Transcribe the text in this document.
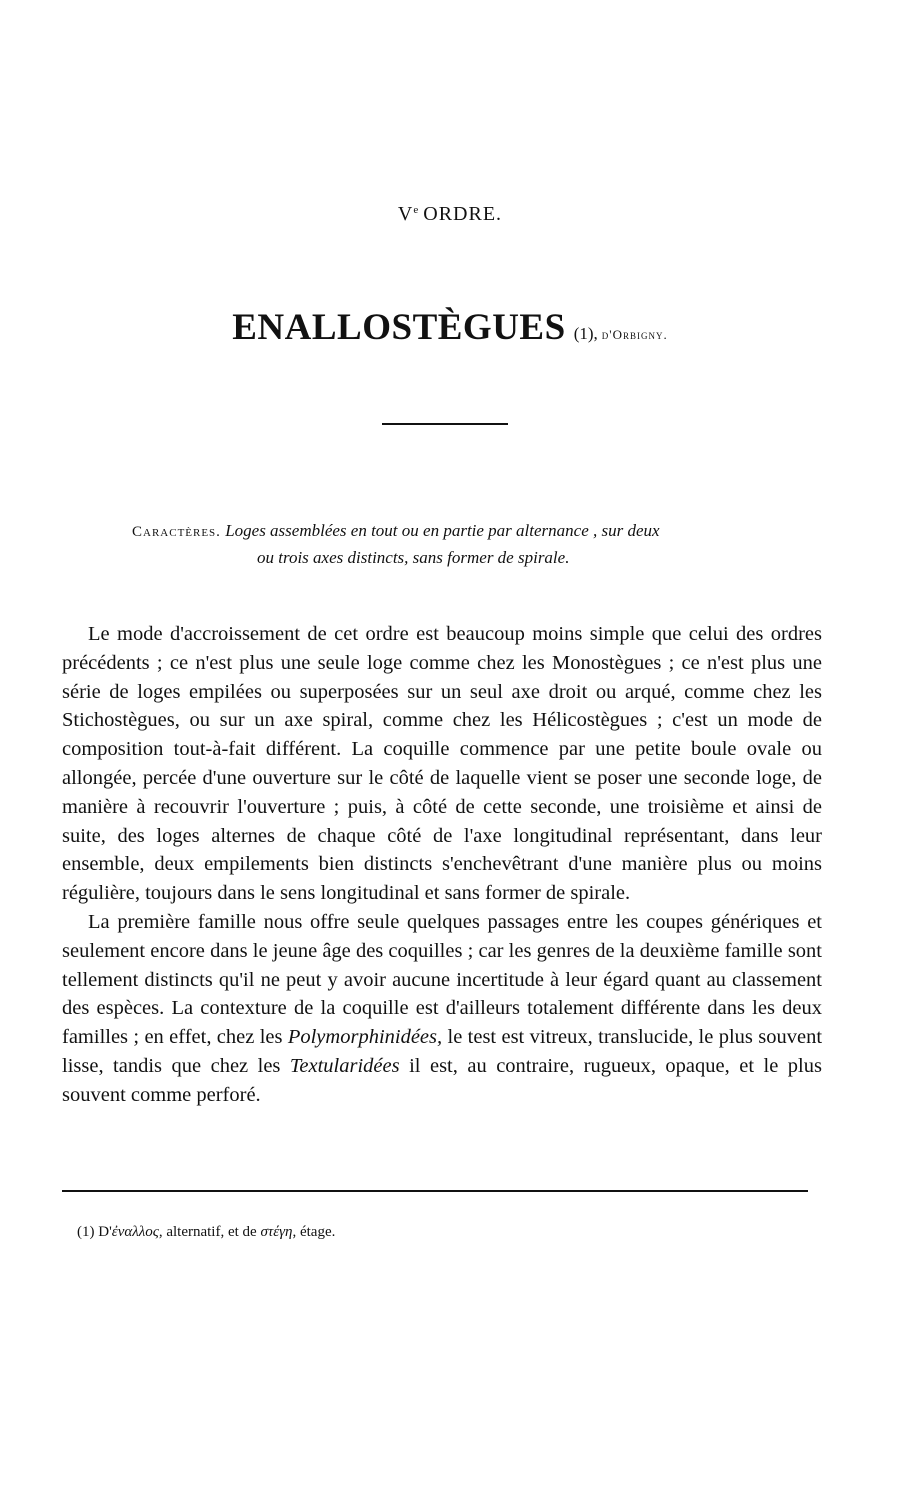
Ve ORDRE.
ENALLOSTÈGUES (1), d'Orbigny.
Caractères. Loges assemblées en tout ou en partie par alternance , sur deux
ou trois axes distincts, sans former de spirale.

Le mode d'accroissement de cet ordre est beaucoup moins simple que celui des ordres précédents ; ce n'est plus une seule loge comme chez les Monostègues ; ce n'est plus une série de loges empilées ou superposées sur un seul axe droit ou arqué, comme chez les Stichostègues, ou sur un axe spiral, comme chez les Hélicostègues ; c'est un mode de composition tout-à-fait différent. La coquille commence par une petite boule ovale ou allongée, percée d'une ouverture sur le côté de laquelle vient se poser une seconde loge, de manière à recouvrir l'ouverture ; puis, à côté de cette seconde, une troisième et ainsi de suite, des loges alternes de chaque côté de l'axe longitudinal représentant, dans leur ensemble, deux empilements bien distincts s'enchevêtrant d'une manière plus ou moins régulière, toujours dans le sens longitudinal et sans former de spirale.

La première famille nous offre seule quelques passages entre les coupes génériques et seulement encore dans le jeune âge des coquilles ; car les genres de la deuxième famille sont tellement distincts qu'il ne peut y avoir aucune incertitude à leur égard quant au classement des espèces. La contexture de la coquille est d'ailleurs totalement différente dans les deux familles ; en effet, chez les Polymorphinidées, le test est vitreux, translucide, le plus souvent lisse, tandis que chez les Textularidées il est, au contraire, rugueux, opaque, et le plus souvent comme perforé.

(1) D'ἐναλλος, alternatif, et de στέγη, étage.
